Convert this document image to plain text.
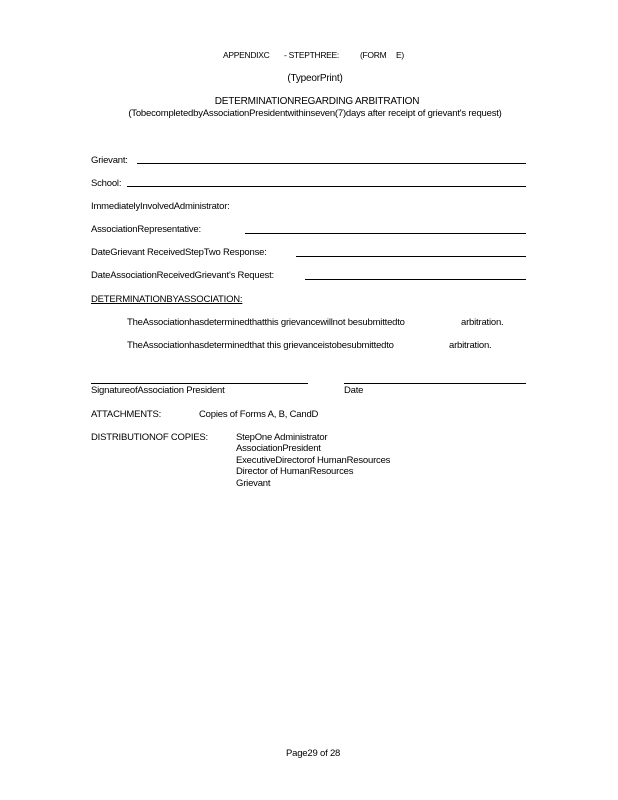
APPENDIXC - STEPTHREE: (FORM E)
(TypeorPrint)
DETERMINATIONREGARDING ARBITRATION
(TobecompletedbyAssociationPresidentwithinseven(7)days after receipt of grievant's request)
Grievant:
School:
ImmediatelyInvolvedAdministrator:
AssociationRepresentative:
DateGrievant ReceivedStepTwo Response:
DateAssociationReceivedGrievant's Request:
DETERMINATIONBYASSOCIATION:
TheAssociationhasdeterminedthatthis grievancewillnot besubmittedto	arbitration.
TheAssociationhasdeterminedthat this grievanceistobesubmittedto	arbitration.
SignatureofAssociation President	Date
ATTACHMENTS:	Copies of Forms A, B, CandD
DISTRIBUTIONOF COPIES:	StepOne Administrator
AssociationPresident
ExecutiveDirectorof HumanResources
Director of HumanResources
Grievant
Page29 of 28
